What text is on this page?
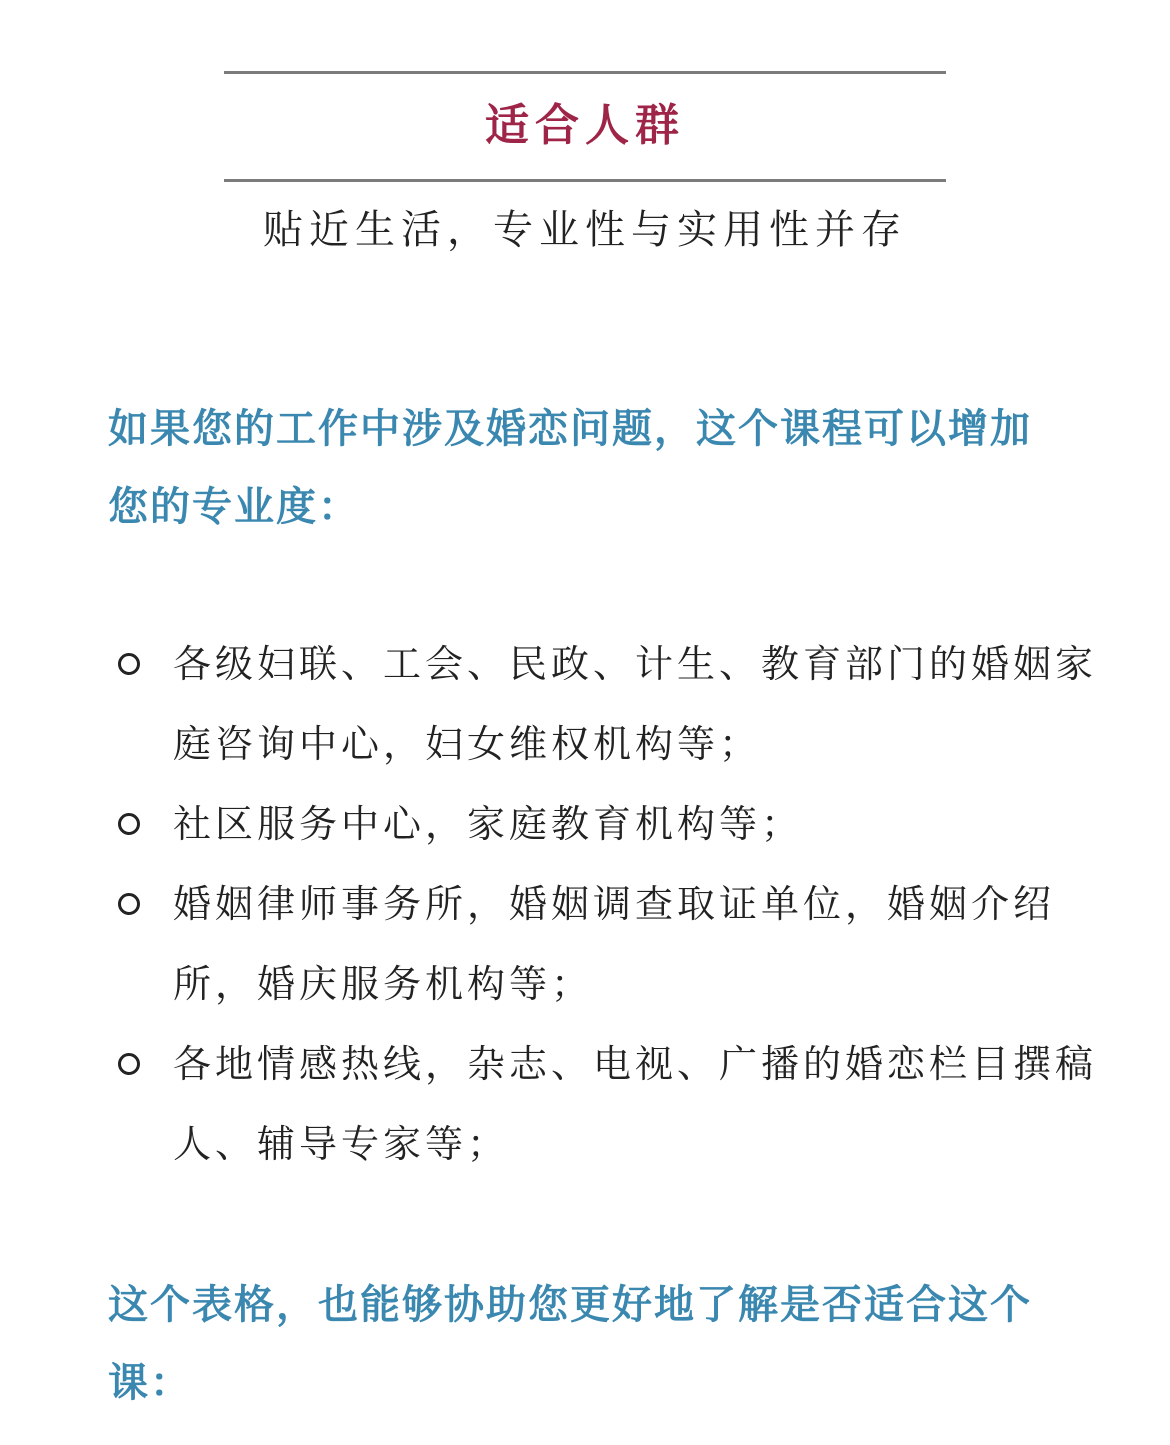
适合人群
贴近生活，专业性与实用性并存
如果您的工作中涉及婚恋问题，这个课程可以增加您的专业度：
各级妇联、工会、民政、计生、教育部门的婚姻家庭咨询中心，妇女维权机构等；
社区服务中心，家庭教育机构等；
婚姻律师事务所，婚姻调查取证单位，婚姻介绍所，婚庆服务机构等；
各地情感热线，杂志、电视、广播的婚恋栏目撰稿人、辅导专家等；
这个表格，也能够协助您更好地了解是否适合这个课：
